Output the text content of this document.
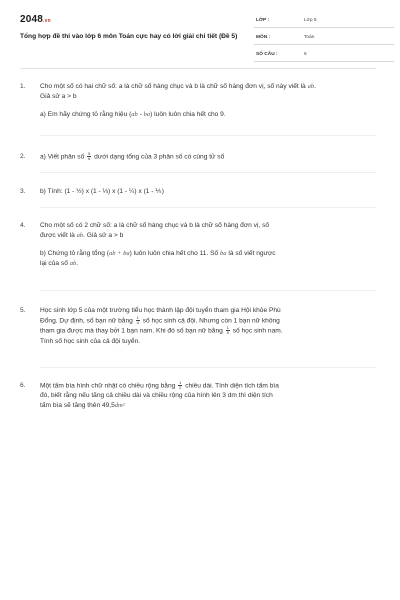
2048.vn
Tổng hợp đề thi vào lớp 6 môn Toán cực hay có lời giải chi tiết (Đề 5)
LỚP :	Lớp 5
MÔN :	Toán
SỐ CÂU :	6
1.	Cho một số có hai chữ số: a là chữ số hàng chục và b là chữ số hàng đơn vị, số này viết là ab.
Giả sử a > b
a) Em hãy chứng tỏ rằng hiệu (ab - ba) luôn luôn chia hết cho 9.
2.	a) Viết phân số $\frac{5}{6}$ dưới dạng tổng của 3 phân số có cùng tử số
3.	b) Tính: (1 - ½) x (1 - ⅓) x (1 - ¼) x (1 - ⅕)
4.	Cho một số có 2 chữ số: a là chữ số hàng chục và b là chữ số hàng đơn vị, số
được viết là ab. Giả sử a > b
b) Chứng tỏ rằng tổng (ab + ba) luôn luôn chia hết cho 11. Số ba là số viết ngược
lại của số ab.
5.	Học sinh lớp 5 của một trường tiểu học thành lập đội tuyển tham gia Hội khỏe Phù
Đổng. Dự định, số bạn nữ bằng $\frac{1}{4}$ số học sinh cả đội. Nhưng còn 1 bạn nữ không
tham gia được mà thay bởi 1 bạn nam. Khi đó số bạn nữ bằng $\frac{1}{5}$ số học sinh nam.
Tính số học sinh của cả đội tuyển.
6.	Một tấm bìa hình chữ nhật có chiều rộng bằng $\frac{1}{2}$ chiều dài. Tính diện tích tấm bìa
đó, biết rằng nếu tăng cả chiều dài và chiều rộng của hình lên 3 dm thì diện tích
tấm bìa sẽ tăng thên 49,5dm²
